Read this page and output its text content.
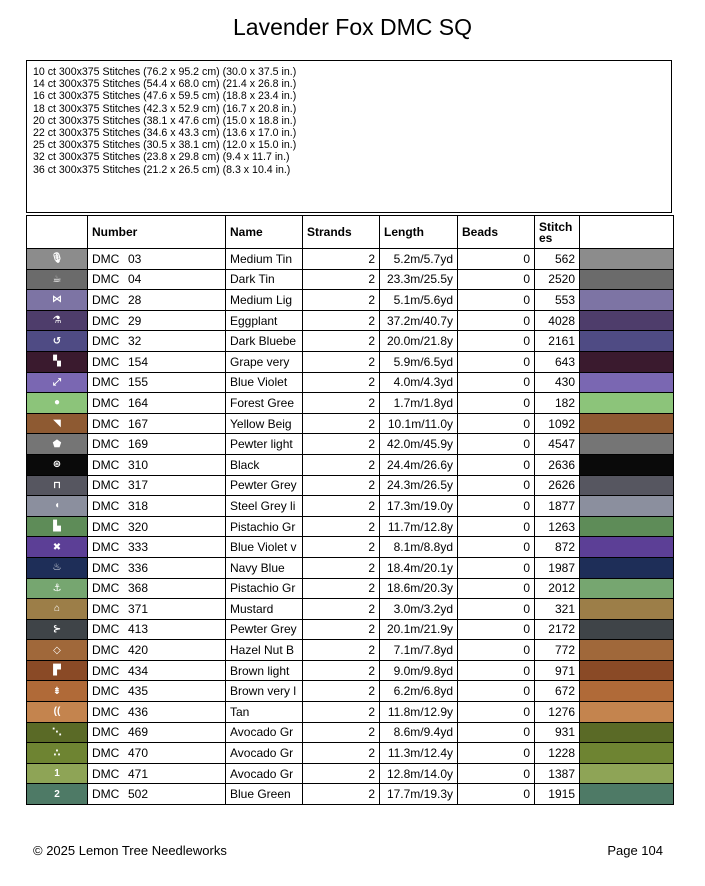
Lavender Fox DMC SQ
10 ct 300x375 Stitches (76.2 x 95.2 cm) (30.0 x 37.5 in.)
14 ct 300x375 Stitches (54.4 x 68.0 cm) (21.4 x 26.8 in.)
16 ct 300x375 Stitches (47.6 x 59.5 cm) (18.8 x 23.4 in.)
18 ct 300x375 Stitches (42.3 x 52.9 cm) (16.7 x 20.8 in.)
20 ct 300x375 Stitches (38.1 x 47.6 cm) (15.0 x 18.8 in.)
22 ct 300x375 Stitches (34.6 x 43.3 cm) (13.6 x 17.0 in.)
25 ct 300x375 Stitches (30.5 x 38.1 cm) (12.0 x 15.0 in.)
32 ct 300x375 Stitches (23.8 x 29.8 cm) (9.4 x 11.7 in.)
36 ct 300x375 Stitches (21.2 x 26.5 cm) (8.3 x 10.4 in.)
	Number	Name	Strands	Length	Beads	Stitch es	
🎙	DMC 03	Medium Tin	2	5.2m/5.7yd	0	562	
☕	DMC 04	Dark Tin	2	23.3m/25.5y	0	2520	
⋈	DMC 28	Medium Lig	2	5.1m/5.6yd	0	553	
⚗	DMC 29	Eggplant	2	37.2m/40.7y	0	4028	
↺	DMC 32	Dark Bluebe	2	20.0m/21.8y	0	2161	
▚	DMC 154	Grape very	2	5.9m/6.5yd	0	643	
⤢	DMC 155	Blue Violet	2	4.0m/4.3yd	0	430	
●	DMC 164	Forest Gree	2	1.7m/1.8yd	0	182	
◥	DMC 167	Yellow Beig	2	10.1m/11.0y	0	1092	
⬟	DMC 169	Pewter light	2	42.0m/45.9y	0	4547	
⊛	DMC 310	Black	2	24.4m/26.6y	0	2636	
⊓	DMC 317	Pewter Grey	2	24.3m/26.5y	0	2626	
◖	DMC 318	Steel Grey li	2	17.3m/19.0y	0	1877	
▙	DMC 320	Pistachio Gr	2	11.7m/12.8y	0	1263	
✖	DMC 333	Blue Violet v	2	8.1m/8.8yd	0	872	
♨	DMC 336	Navy Blue	2	18.4m/20.1y	0	1987	
⚓	DMC 368	Pistachio Gr	2	18.6m/20.3y	0	2012	
⌂	DMC 371	Mustard	2	3.0m/3.2yd	0	321	
⊱	DMC 413	Pewter Grey	2	20.1m/21.9y	0	2172	
◇	DMC 420	Hazel Nut B	2	7.1m/7.8yd	0	772	
▛	DMC 434	Brown light	2	9.0m/9.8yd	0	971	
⇟	DMC 435	Brown very l	2	6.2m/6.8yd	0	672	
((	DMC 436	Tan	2	11.8m/12.9y	0	1276	
⋱	DMC 469	Avocado Gr	2	8.6m/9.4yd	0	931	
∴	DMC 470	Avocado Gr	2	11.3m/12.4y	0	1228	
1	DMC 471	Avocado Gr	2	12.8m/14.0y	0	1387	
2	DMC 502	Blue Green	2	17.7m/19.3y	0	1915	
© 2025 Lemon Tree Needleworks	Page 104
